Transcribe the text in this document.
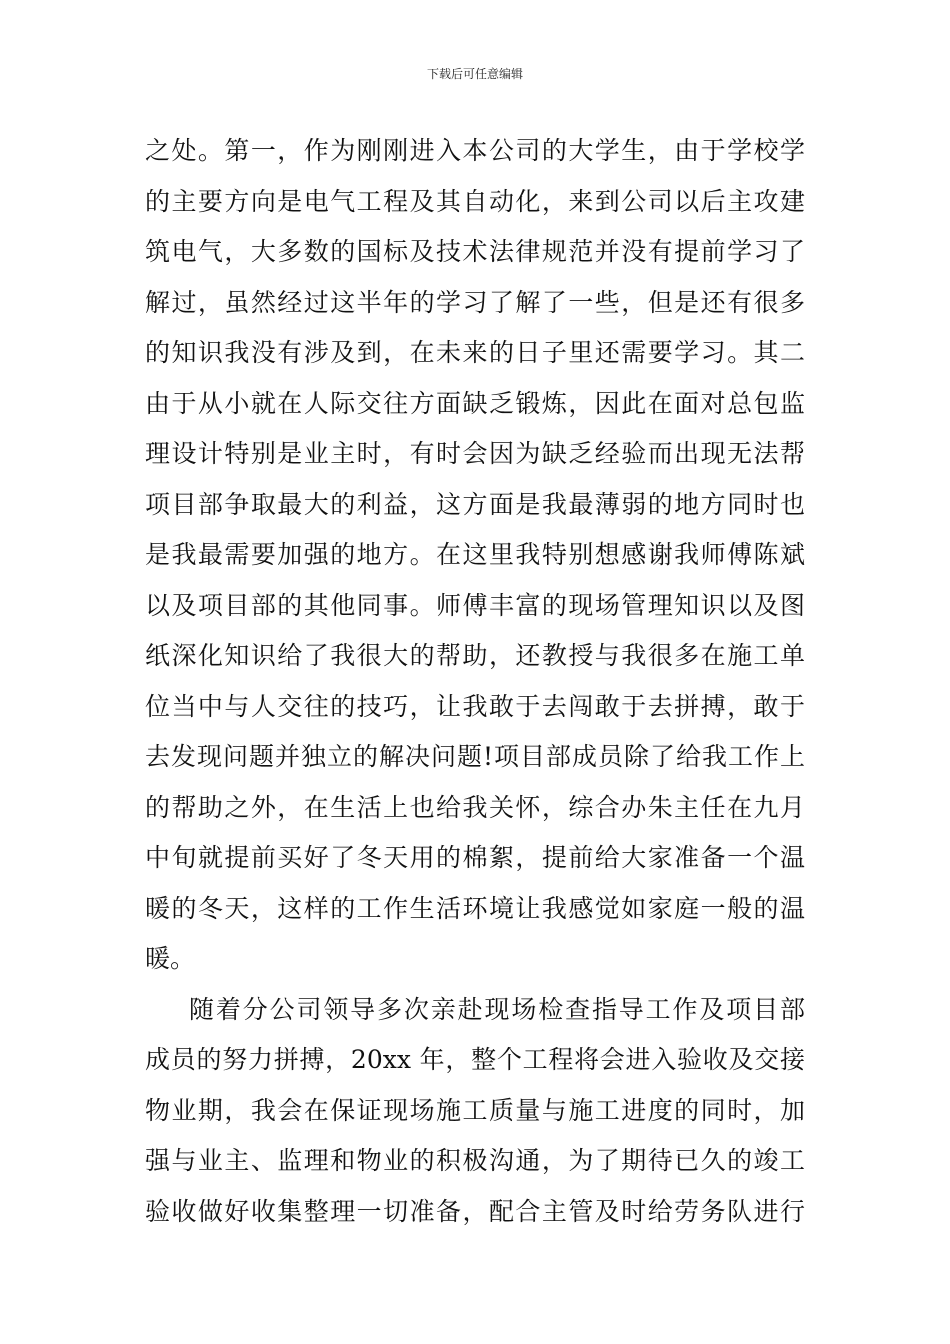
下载后可任意编辑
之处。第一，作为刚刚进入本公司的大学生，由于学校学
的主要方向是电气工程及其自动化，来到公司以后主攻建
筑电气，大多数的国标及技术法律规范并没有提前学习了
解过，虽然经过这半年的学习了解了一些，但是还有很多
的知识我没有涉及到，在未来的日子里还需要学习。其二
由于从小就在人际交往方面缺乏锻炼，因此在面对总包监
理设计特别是业主时，有时会因为缺乏经验而出现无法帮
项目部争取最大的利益，这方面是我最薄弱的地方同时也
是我最需要加强的地方。在这里我特别想感谢我师傅陈斌
以及项目部的其他同事。师傅丰富的现场管理知识以及图
纸深化知识给了我很大的帮助，还教授与我很多在施工单
位当中与人交往的技巧，让我敢于去闯敢于去拼搏，敢于
去发现问题并独立的解决问题!项目部成员除了给我工作上
的帮助之外，在生活上也给我关怀，综合办朱主任在九月
中旬就提前买好了冬天用的棉絮，提前给大家准备一个温
暖的冬天，这样的工作生活环境让我感觉如家庭一般的温
暖。
随着分公司领导多次亲赴现场检查指导工作及项目部
成员的努力拼搏，20xx 年，整个工程将会进入验收及交接
物业期，我会在保证现场施工质量与施工进度的同时，加
强与业主、监理和物业的积极沟通，为了期待已久的竣工
验收做好收集整理一切准备，配合主管及时给劳务队进行
